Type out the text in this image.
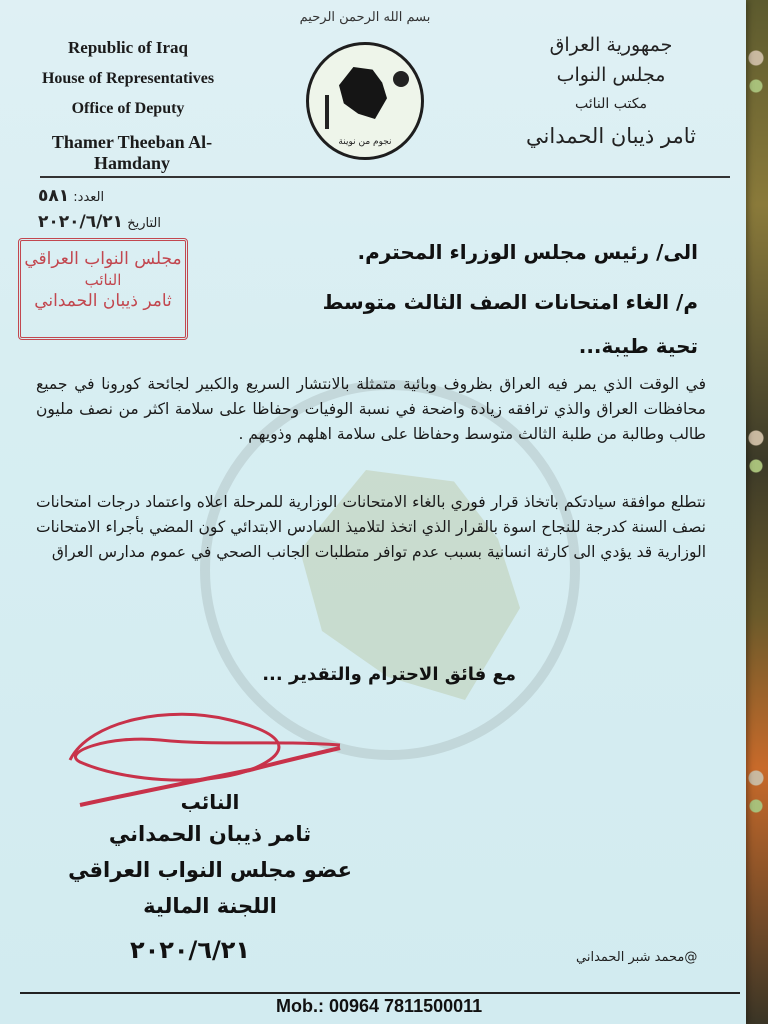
Republic of Iraq
House of Representatives
Office of Deputy
Thamer Theeban Al-Hamdany
بسم الله الرحمن الرحيم
نجوم من نوينة
جمهورية العراق
مجلس النواب
مكتب النائب
ثامر ذيبان الحمداني
العدد: ٥٨١
التاريخ ٢٠٢٠/٦/٢١
مجلس النواب العراقي
النائب
ثامر ذيبان الحمداني
الى/ رئيس مجلس الوزراء المحترم.
م/ الغاء امتحانات الصف الثالث متوسط
تحية طيبة...
في الوقت الذي يمر فيه العراق بظروف وبائية متمثلة بالانتشار السريع والكبير لجائحة كورونا في جميع محافظات العراق والذي ترافقه زيادة واضحة في نسبة الوفيات وحفاظا على سلامة اكثر من نصف مليون طالب وطالبة من طلبة الثالث متوسط وحفاظا على سلامة اهلهم وذويهم .
نتطلع موافقة سيادتكم باتخاذ قرار فوري بالغاء الامتحانات الوزارية للمرحلة اعلاه واعتماد درجات امتحانات نصف السنة كدرجة للنجاح اسوة بالقرار الذي اتخذ لتلاميذ السادس الابتدائي كون المضي بأجراء الامتحانات الوزارية قد يؤدي الى كارثة انسانية بسبب عدم توافر متطلبات الجانب الصحي في عموم مدارس العراق
مع فائق الاحترام والتقدير ...
النائب
ثامر ذيبان الحمداني
عضو مجلس النواب العراقي
اللجنة المالية
٢٠٢٠/٦/٢١	@محمد شبر الحمداني
Mob.: 00964 7811500011
